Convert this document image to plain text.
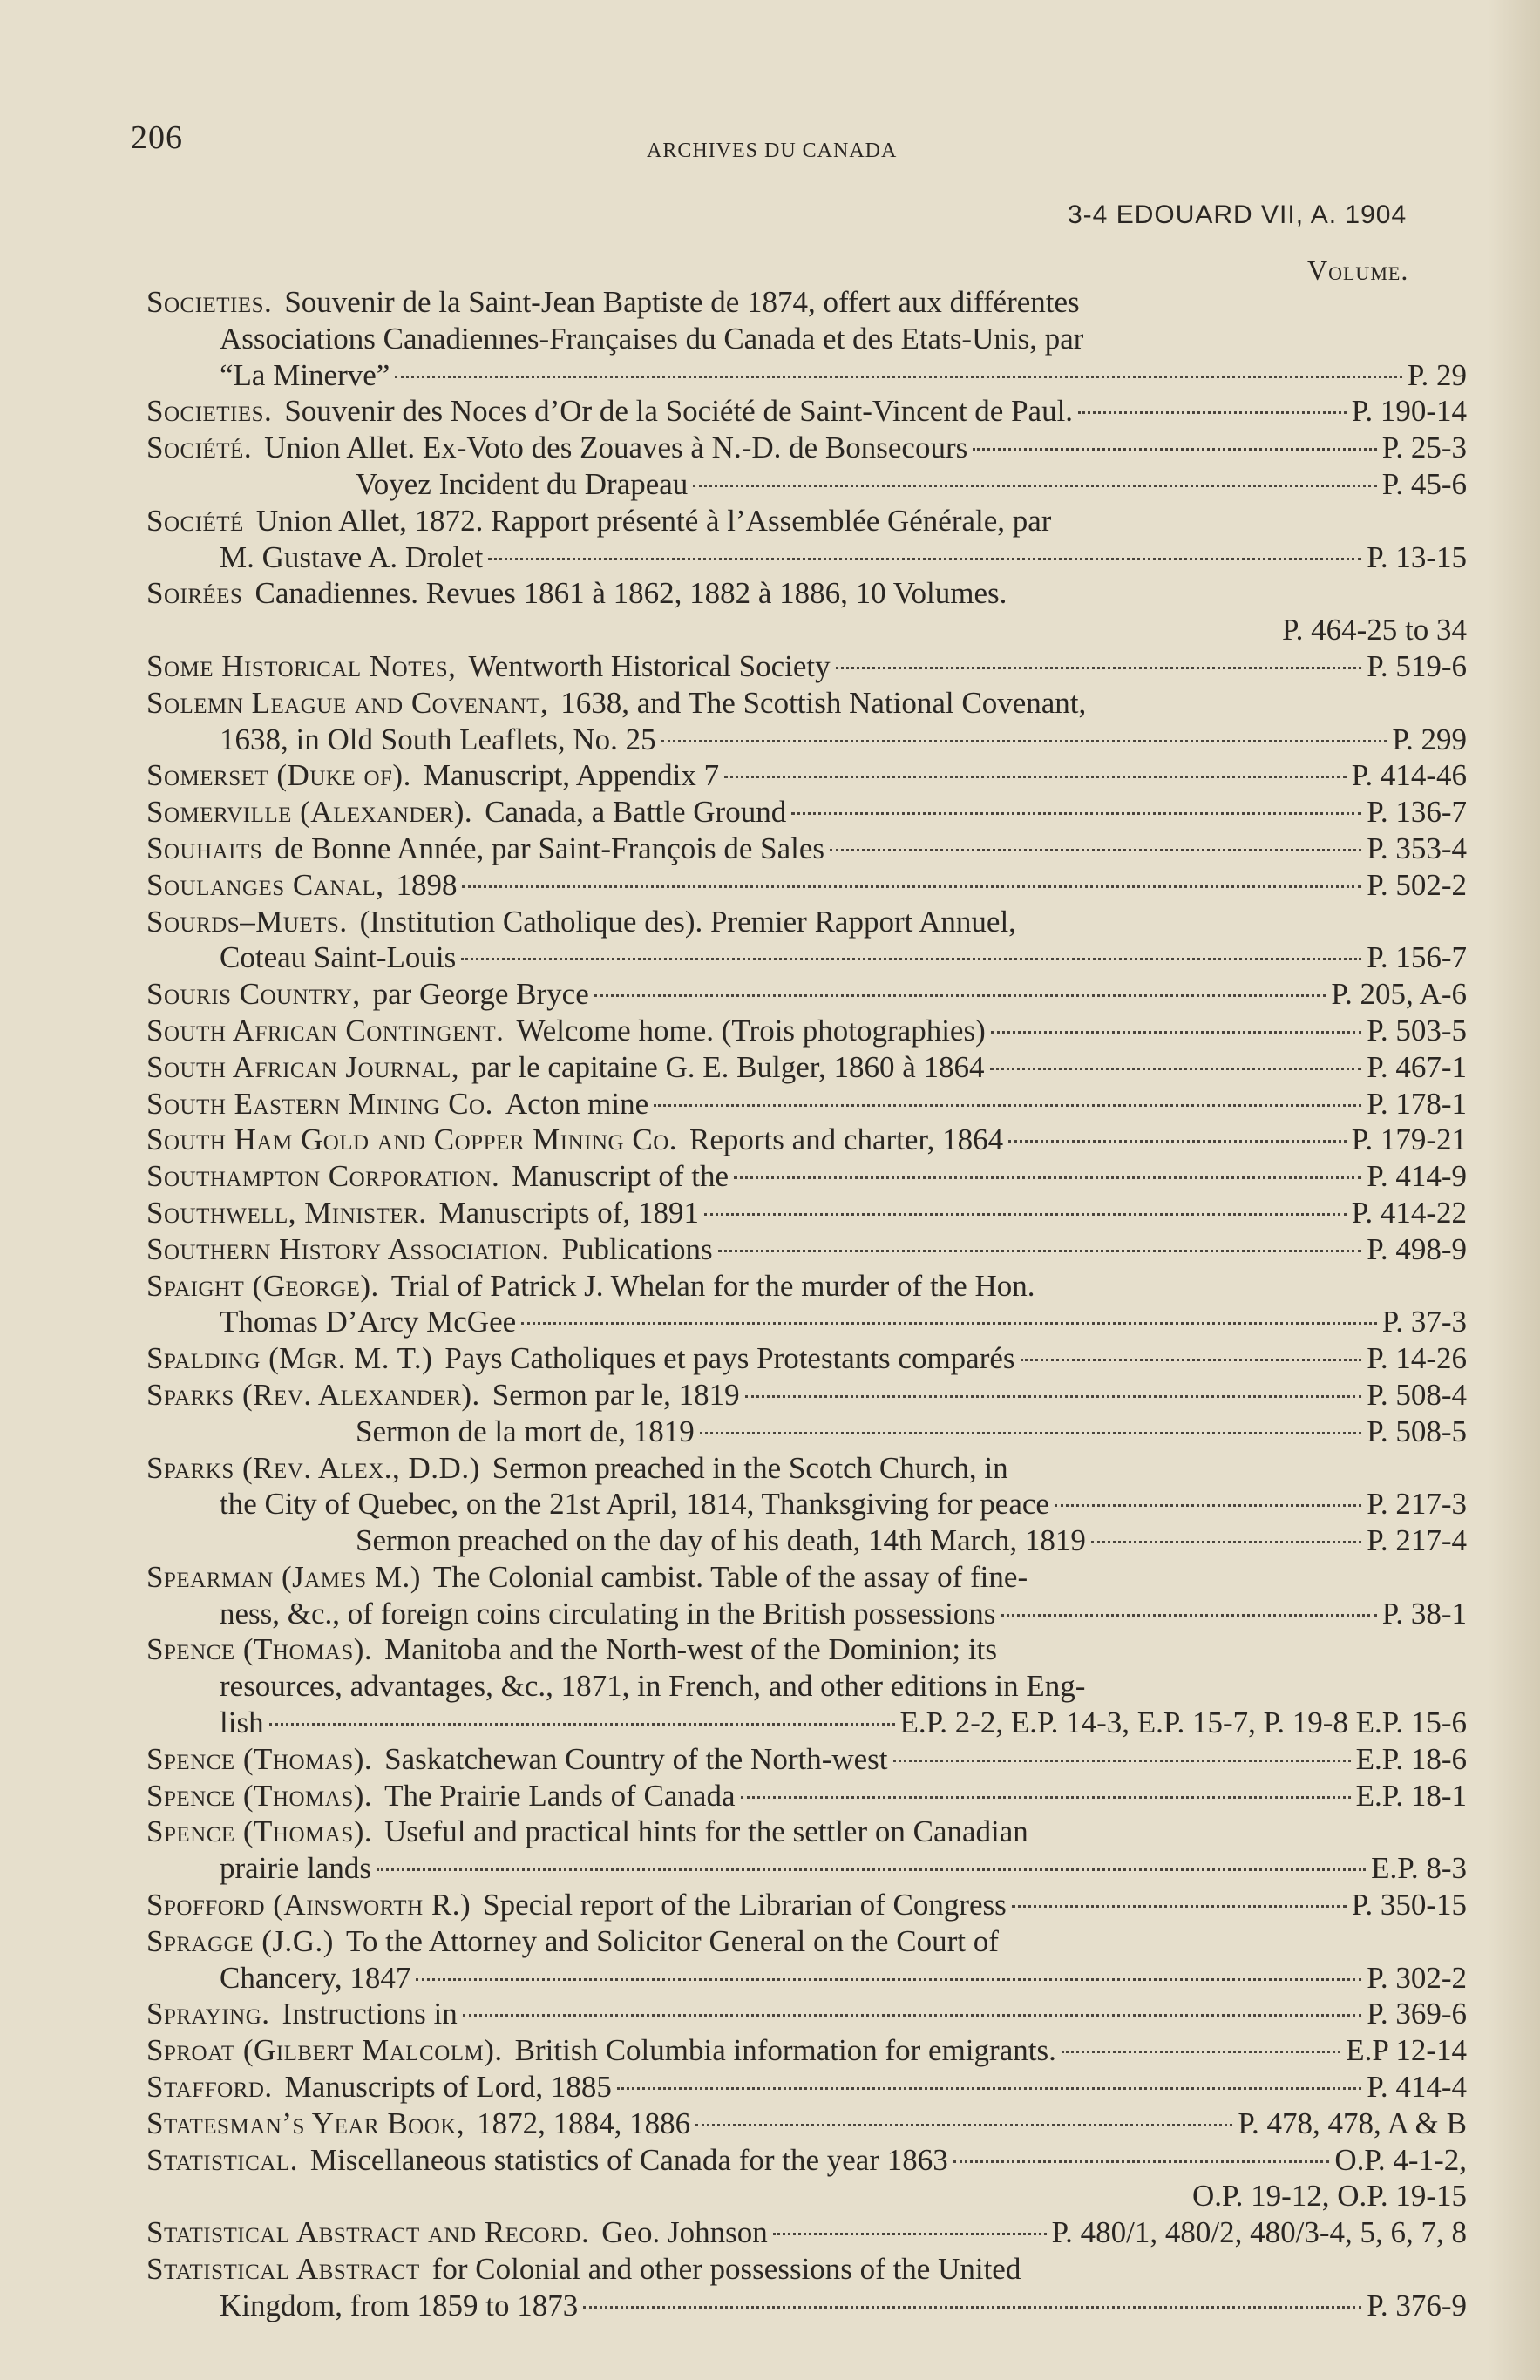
206	ARCHIVES DU CANADA
3-4 EDOUARD VII, A. 1904
Volume.
Societies. Souvenir de la Saint-Jean Baptiste de 1874, offert aux différentes
Associations Canadiennes-Françaises du Canada et des Etats-Unis, par
“La Minerve”	P. 29
Societies. Souvenir des Noces d’Or de la Société de Saint-Vincent de Paul.	P. 190-14
Société. Union Allet. Ex-Voto des Zouaves à N.-D. de Bonsecours	P. 25-3
Voyez Incident du Drapeau	P. 45-6
Société Union Allet, 1872. Rapport présenté à l’Assemblée Générale, par
M. Gustave A. Drolet	P. 13-15
Soirées Canadiennes. Revues 1861 à 1862, 1882 à 1886, 10 Volumes.
P. 464-25 to 34
Some Historical Notes, Wentworth Historical Society	P. 519-6
Solemn League and Covenant, 1638, and The Scottish National Covenant,
1638, in Old South Leaflets, No. 25	P. 299
Somerset (Duke of). Manuscript, Appendix 7	P. 414-46
Somerville (Alexander). Canada, a Battle Ground	P. 136-7
Souhaits de Bonne Année, par Saint-François de Sales	P. 353-4
Soulanges Canal, 1898	P. 502-2
Sourds–Muets. (Institution Catholique des). Premier Rapport Annuel,
Coteau Saint-Louis	P. 156-7
Souris Country, par George Bryce	P. 205, A-6
South African Contingent. Welcome home. (Trois photographies)	P. 503-5
South African Journal, par le capitaine G. E. Bulger, 1860 à 1864	P. 467-1
South Eastern Mining Co. Acton mine	P. 178-1
South Ham Gold and Copper Mining Co. Reports and charter, 1864	P. 179-21
Southampton Corporation. Manuscript of the	P. 414-9
Southwell, Minister. Manuscripts of, 1891	P. 414-22
Southern History Association. Publications	P. 498-9
Spaight (George). Trial of Patrick J. Whelan for the murder of the Hon.
Thomas D’Arcy McGee	P. 37-3
Spalding (Mgr. M. T.) Pays Catholiques et pays Protestants comparés	P. 14-26
Sparks (Rev. Alexander). Sermon par le, 1819	P. 508-4
Sermon de la mort de, 1819	P. 508-5
Sparks (Rev. Alex., D.D.) Sermon preached in the Scotch Church, in
the City of Quebec, on the 21st April, 1814, Thanksgiving for peace	P. 217-3
Sermon preached on the day of his death, 14th March, 1819	P. 217-4
Spearman (James M.) The Colonial cambist. Table of the assay of fine-
ness, &c., of foreign coins circulating in the British possessions	P. 38-1
Spence (Thomas). Manitoba and the North-west of the Dominion; its
resources, advantages, &c., 1871, in French, and other editions in Eng-
lish	E.P. 2-2, E.P. 14-3, E.P. 15-7, P. 19-8 E.P. 15-6
Spence (Thomas). Saskatchewan Country of the North-west	E.P. 18-6
Spence (Thomas). The Prairie Lands of Canada	E.P. 18-1
Spence (Thomas). Useful and practical hints for the settler on Canadian
prairie lands	E.P. 8-3
Spofford (Ainsworth R.) Special report of the Librarian of Congress	P. 350-15
Spragge (J.G.) To the Attorney and Solicitor General on the Court of
Chancery, 1847	P. 302-2
Spraying. Instructions in	P. 369-6
Sproat (Gilbert Malcolm). British Columbia information for emigrants.	E.P 12-14
Stafford. Manuscripts of Lord, 1885	P. 414-4
Statesman’s Year Book, 1872, 1884, 1886	P. 478, 478, A & B
Statistical. Miscellaneous statistics of Canada for the year 1863	O.P. 4-1-2,
O.P. 19-12, O.P. 19-15
Statistical Abstract and Record. Geo. Johnson	P. 480/1, 480/2, 480/3-4, 5, 6, 7, 8
Statistical Abstract for Colonial and other possessions of the United
Kingdom, from 1859 to 1873	P. 376-9
